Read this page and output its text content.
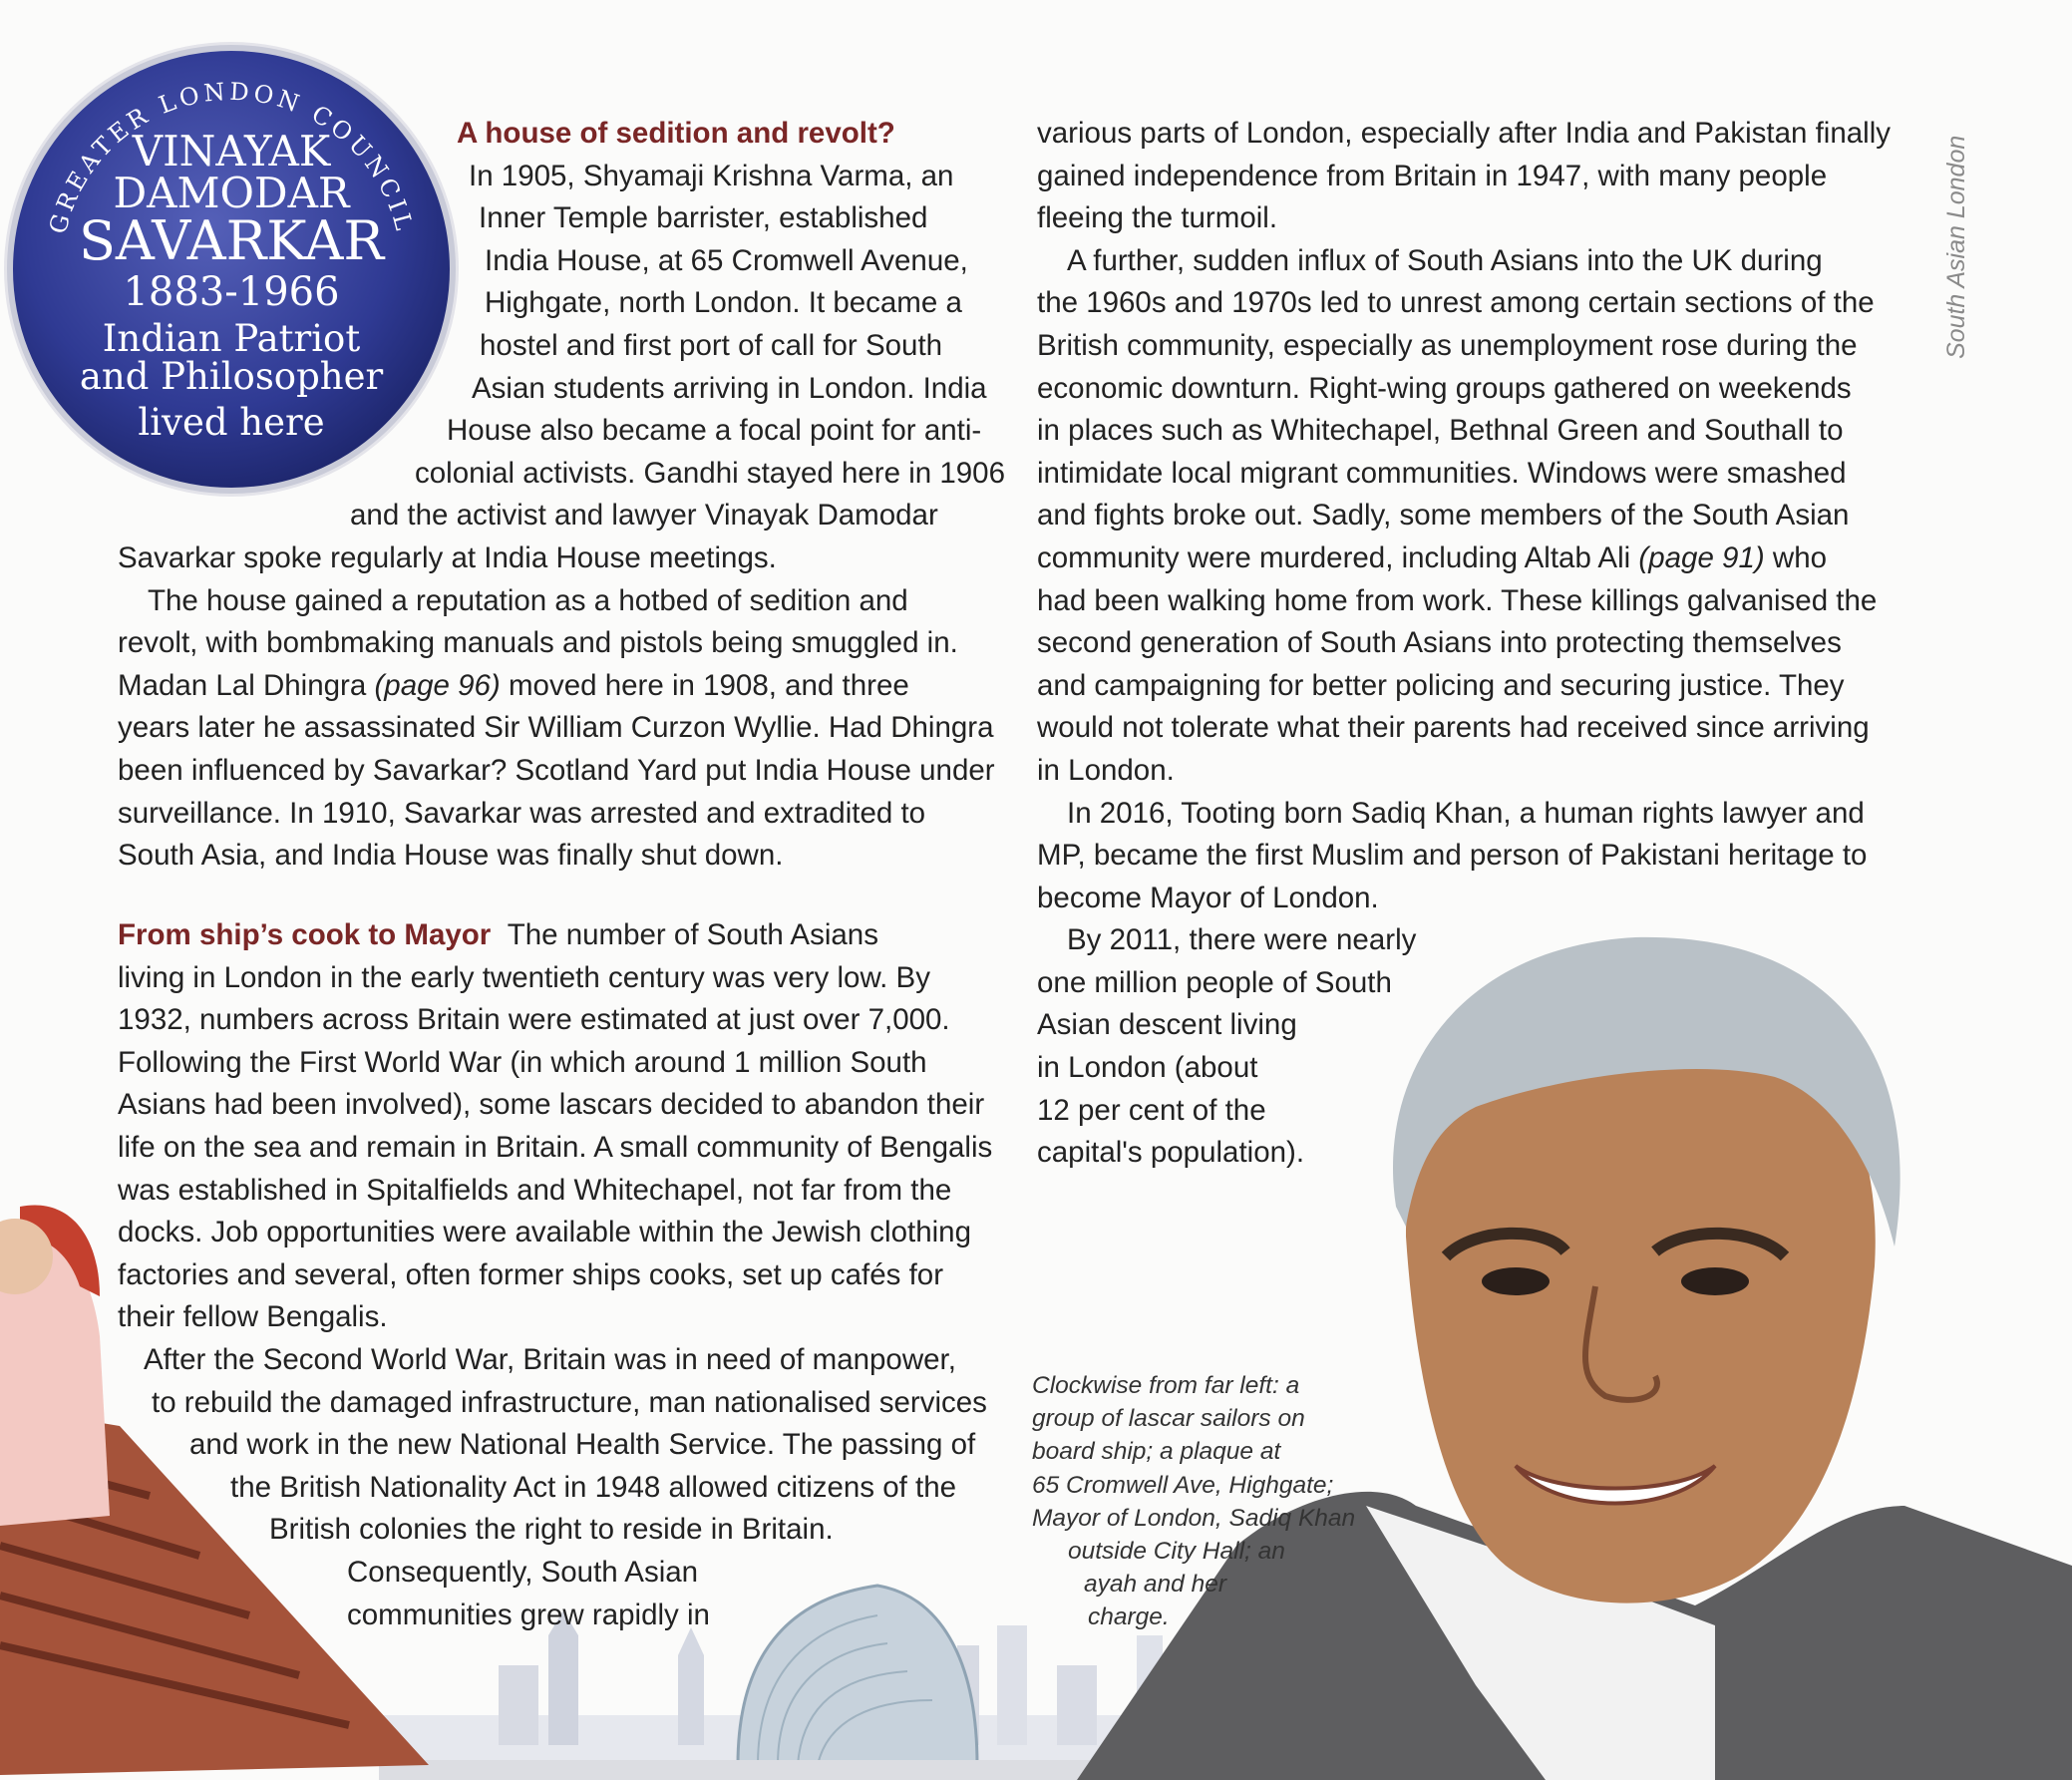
GREATER LONDON COUNCIL
VINAYAK
DAMODAR
SAVARKAR
1883-1966
Indian Patriot
and Philosopher
lived here
A house of sedition and revolt?
In 1905, Shyamaji Krishna Varma, an
Inner Temple barrister, established
India House, at 65 Cromwell Avenue,
Highgate, north London. It became a
hostel and first port of call for South
Asian students arriving in London. India
House also became a focal point for anti-
colonial activists. Gandhi stayed here in 1906
and the activist and lawyer Vinayak Damodar
Savarkar spoke regularly at India House meetings.
The house gained a reputation as a hotbed of sedition and
revolt, with bombmaking manuals and pistols being smuggled in.
Madan Lal Dhingra (page 96) moved here in 1908, and three
years later he assassinated Sir William Curzon Wyllie. Had Dhingra
been influenced by Savarkar? Scotland Yard put India House under
surveillance. In 1910, Savarkar was arrested and extradited to
South Asia, and India House was finally shut down.
From ship’s cook to Mayor The number of South Asians
living in London in the early twentieth century was very low. By
1932, numbers across Britain were estimated at just over 7,000.
Following the First World War (in which around 1 million South
Asians had been involved), some lascars decided to abandon their
life on the sea and remain in Britain. A small community of Bengalis
was established in Spitalfields and Whitechapel, not far from the
docks. Job opportunities were available within the Jewish clothing
factories and several, often former ships cooks, set up cafés for
their fellow Bengalis.
After the Second World War, Britain was in need of manpower,
to rebuild the damaged infrastructure, man nationalised services
and work in the new National Health Service. The passing of
the British Nationality Act in 1948 allowed citizens of the
British colonies the right to reside in Britain.
Consequently, South Asian
communities grew rapidly in
various parts of London, especially after India and Pakistan finally
gained independence from Britain in 1947, with many people
fleeing the turmoil.
A further, sudden influx of South Asians into the UK during
the 1960s and 1970s led to unrest among certain sections of the
British community, especially as unemployment rose during the
economic downturn. Right-wing groups gathered on weekends
in places such as Whitechapel, Bethnal Green and Southall to
intimidate local migrant communities. Windows were smashed
and fights broke out. Sadly, some members of the South Asian
community were murdered, including Altab Ali (page 91) who
had been walking home from work. These killings galvanised the
second generation of South Asians into protecting themselves
and campaigning for better policing and securing justice. They
would not tolerate what their parents had received since arriving
in London.
In 2016, Tooting born Sadiq Khan, a human rights lawyer and
MP, became the first Muslim and person of Pakistani heritage to
become Mayor of London.
By 2011, there were nearly
one million people of South
Asian descent living
in London (about
12 per cent of the
capital's population).
South Asian London
Clockwise from far left: a
group of lascar sailors on
board ship; a plaque at
65 Cromwell Ave, Highgate;
Mayor of London, Sadiq Khan
outside City Hall; an
ayah and her
charge.
